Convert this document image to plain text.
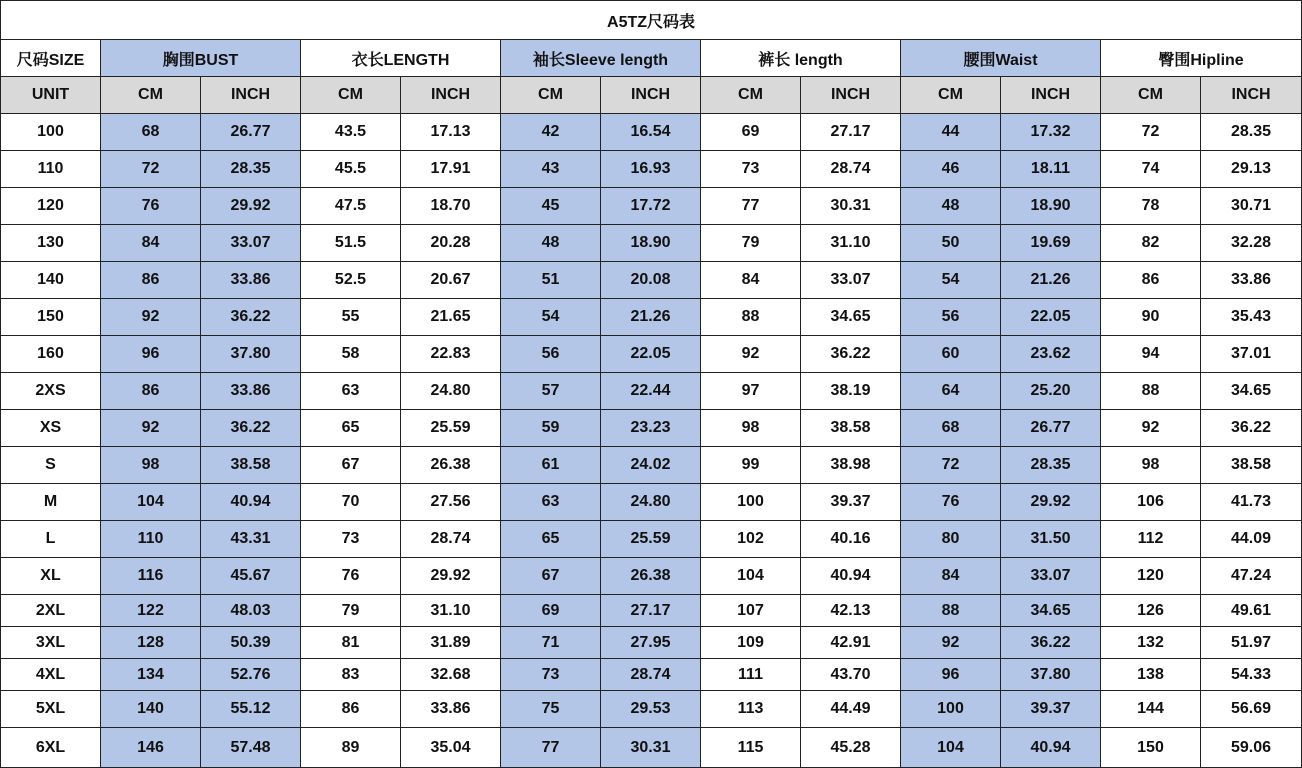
A5TZ尺码表												
尺码SIZE	胸围BUST		衣长LENGTH		袖长Sleeve length		裤长 length		腰围Waist		臀围Hipline	
UNIT	CM	INCH	CM	INCH	CM	INCH	CM	INCH	CM	INCH	CM	INCH
100	68	26.77	43.5	17.13	42	16.54	69	27.17	44	17.32	72	28.35
110	72	28.35	45.5	17.91	43	16.93	73	28.74	46	18.11	74	29.13
120	76	29.92	47.5	18.70	45	17.72	77	30.31	48	18.90	78	30.71
130	84	33.07	51.5	20.28	48	18.90	79	31.10	50	19.69	82	32.28
140	86	33.86	52.5	20.67	51	20.08	84	33.07	54	21.26	86	33.86
150	92	36.22	55	21.65	54	21.26	88	34.65	56	22.05	90	35.43
160	96	37.80	58	22.83	56	22.05	92	36.22	60	23.62	94	37.01
2XS	86	33.86	63	24.80	57	22.44	97	38.19	64	25.20	88	34.65
XS	92	36.22	65	25.59	59	23.23	98	38.58	68	26.77	92	36.22
S	98	38.58	67	26.38	61	24.02	99	38.98	72	28.35	98	38.58
M	104	40.94	70	27.56	63	24.80	100	39.37	76	29.92	106	41.73
L	110	43.31	73	28.74	65	25.59	102	40.16	80	31.50	112	44.09
XL	116	45.67	76	29.92	67	26.38	104	40.94	84	33.07	120	47.24
2XL	122	48.03	79	31.10	69	27.17	107	42.13	88	34.65	126	49.61
3XL	128	50.39	81	31.89	71	27.95	109	42.91	92	36.22	132	51.97
4XL	134	52.76	83	32.68	73	28.74	111	43.70	96	37.80	138	54.33
5XL	140	55.12	86	33.86	75	29.53	113	44.49	100	39.37	144	56.69
6XL	146	57.48	89	35.04	77	30.31	115	45.28	104	40.94	150	59.06
